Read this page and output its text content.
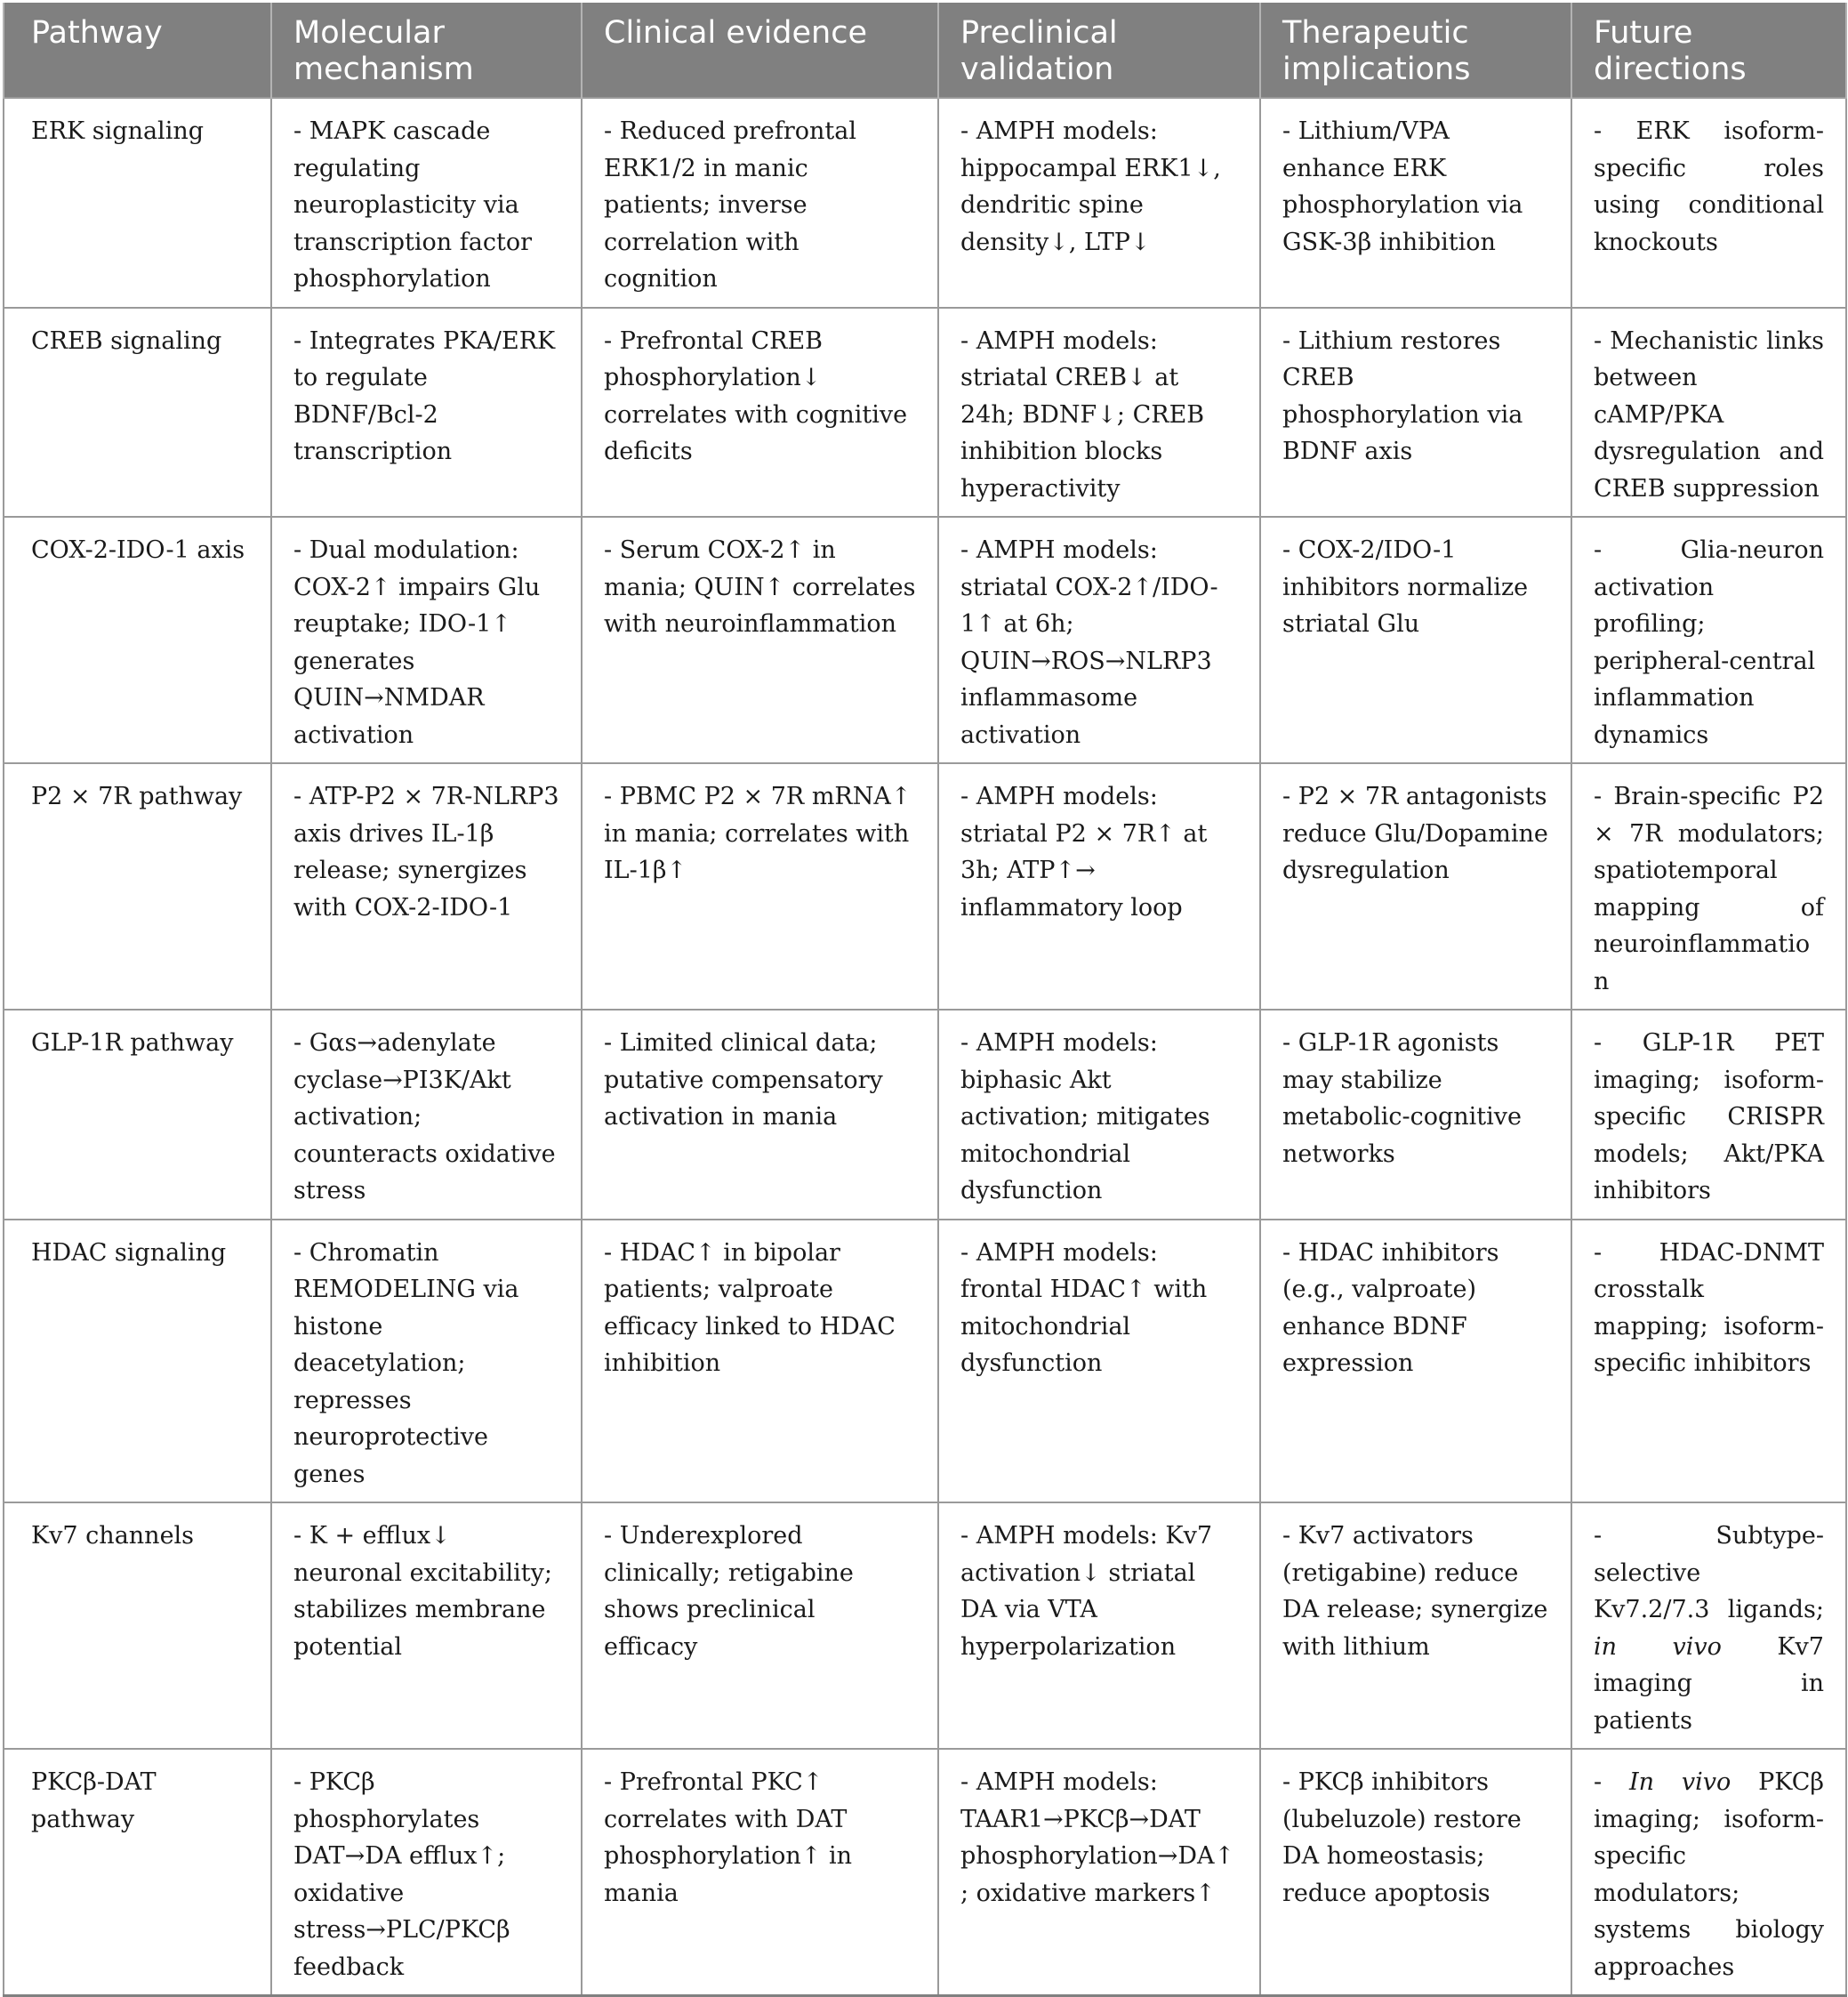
Pathway	Molecular mechanism	Clinical evidence	Preclinical validation	Therapeutic implications	Future directions
ERK signaling	- MAPK cascade regulating neuroplasticity via transcription factor phosphorylation	- Reduced prefrontal ERK1/2 in manic patients; inverse correlation with cognition	- AMPH models: hippocampal ERK1↓, dendritic spine density↓, LTP↓	- Lithium/VPA enhance ERK phosphorylation via GSK-3β inhibition	- ERK isoform-specific roles using conditional knockouts
CREB signaling	- Integrates PKA/ERK to regulate BDNF/Bcl-2 transcription	- Prefrontal CREB phosphorylation↓ correlates with cognitive deficits	- AMPH models: striatal CREB↓ at 24h; BDNF↓; CREB inhibition blocks hyperactivity	- Lithium restores CREB phosphorylation via BDNF axis	- Mechanistic links between cAMP/PKA dysregulation and CREB suppression
COX-2-IDO-1 axis	- Dual modulation: COX-2↑ impairs Glu reuptake; IDO-1↑ generates QUIN→NMDAR activation	- Serum COX-2↑ in mania; QUIN↑ correlates with neuroinflammation	- AMPH models: striatal COX-2↑/IDO-1↑ at 6h; QUIN→ROS→NLRP3 inflammasome activation	- COX-2/IDO-1 inhibitors normalize striatal Glu	- Glia-neuron activation profiling; peripheral-central inflammation dynamics
P2 × 7R pathway	- ATP-P2 × 7R-NLRP3 axis drives IL-1β release; synergizes with COX-2-IDO-1	- PBMC P2 × 7R mRNA↑ in mania; correlates with IL-1β↑	- AMPH models: striatal P2 × 7R↑ at 3h; ATP↑→ inflammatory loop	- P2 × 7R antagonists reduce Glu/Dopamine dysregulation	- Brain-specific P2 × 7R modulators; spatiotemporal mapping of neuroinflammation
GLP-1R pathway	- Gαs→adenylate cyclase→PI3K/Akt activation; counteracts oxidative stress	- Limited clinical data; putative compensatory activation in mania	- AMPH models: biphasic Akt activation; mitigates mitochondrial dysfunction	- GLP-1R agonists may stabilize metabolic-cognitive networks	- GLP-1R PET imaging; isoform-specific CRISPR models; Akt/PKA inhibitors
HDAC signaling	- Chromatin REMODELING via histone deacetylation; represses neuroprotective genes	- HDAC↑ in bipolar patients; valproate efficacy linked to HDAC inhibition	- AMPH models: frontal HDAC↑ with mitochondrial dysfunction	- HDAC inhibitors (e.g., valproate) enhance BDNF expression	- HDAC-DNMT crosstalk mapping; isoform-specific inhibitors
Kv7 channels	- K + efflux↓ neuronal excitability; stabilizes membrane potential	- Underexplored clinically; retigabine shows preclinical efficacy	- AMPH models: Kv7 activation↓ striatal DA via VTA hyperpolarization	- Kv7 activators (retigabine) reduce DA release; synergize with lithium	- Subtype-selective Kv7.2/7.3 ligands; in vivo Kv7 imaging in patients
PKCβ-DAT pathway	- PKCβ phosphorylates DAT→DA efflux↑; oxidative stress→PLC/PKCβ feedback	- Prefrontal PKC↑ correlates with DAT phosphorylation↑ in mania	- AMPH models: TAAR1→PKCβ→DAT phosphorylation→DA↑; oxidative markers↑	- PKCβ inhibitors (lubeluzole) restore DA homeostasis; reduce apoptosis	- In vivo PKCβ imaging; isoform-specific modulators; systems biology approaches
